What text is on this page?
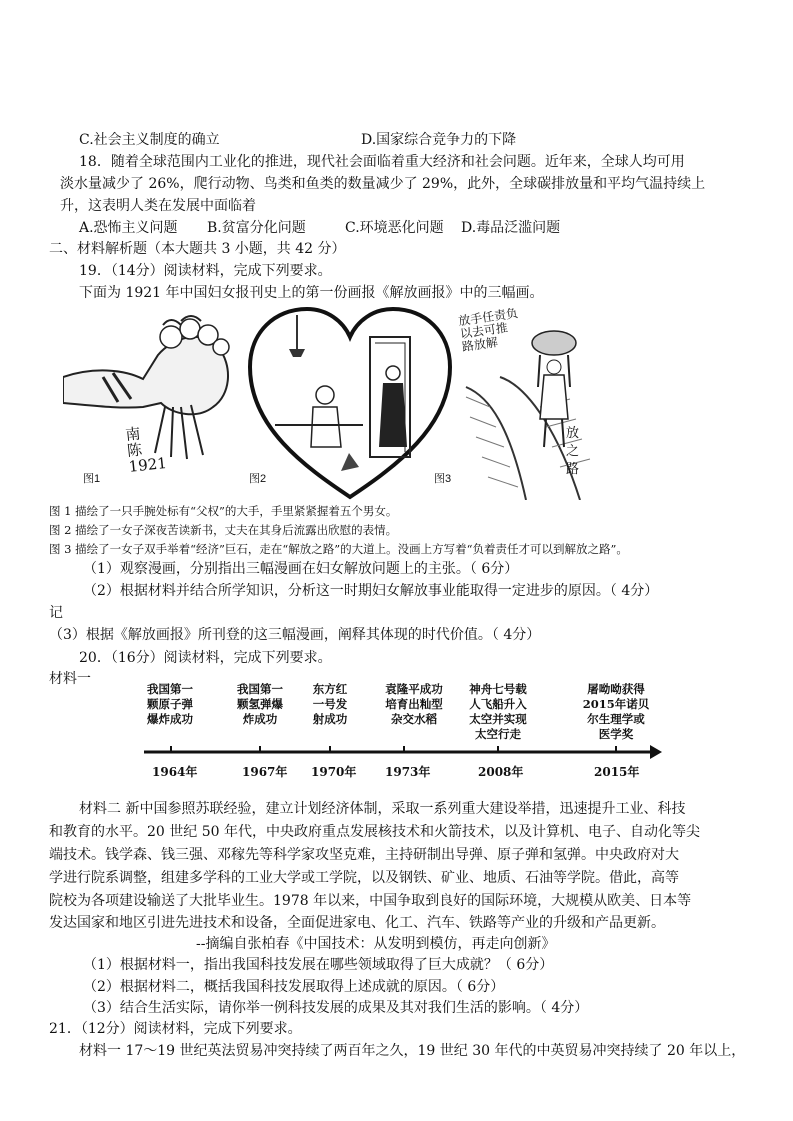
C.社会主义制度的确立	D.国家综合竞争力的下降
18．随着全球范围内工业化的推进，现代社会面临着重大经济和社会问题。近年来，全球人均可用
淡水量减少了 26%，爬行动物、鸟类和鱼类的数量减少了 29%，此外，全球碳排放量和平均气温持续上
升，这表明人类在发展中面临着
A.恐怖主义问题 B.贫富分化问题	C.环境恶化问题 D.毒品泛滥问题
二、材料解析题（本大题共 3 小题，共 42 分）
19．（14分）阅读材料，完成下列要求。
下面为 1921 年中国妇女报刊史上的第一份画报《解放画报》中的三幅画。
南
陈
1921
图1	图2
放手任责负
以去可推
路放解
放
之
路
图3
图 1 描绘了一只手腕处标有“父权”的大手，手里紧紧握着五个男女。
图 2 描绘了一女子深夜苦读新书，丈夫在其身后流露出欣慰的表情。
图 3 描绘了一女子双手举着“经济”巨石，走在“解放之路”的大道上。没画上方写着“负着责任才可以到解放之路”。
（1）观察漫画，分别指出三幅漫画在妇女解放问题上的主张。（ 6分）
（2）根据材料并结合所学知识，分析这一时期妇女解放事业能取得一定进步的原因。（ 4分）
记
（3）根据《解放画报》所刊登的这三幅漫画，阐释其体现的时代价值。（ 4分）
20．（16分）阅读材料，完成下列要求。
材料一
我国第一
颗原子弹
爆炸成功
我国第一
颗氢弹爆
炸成功
东方红
一号发
射成功
袁隆平成功
培育出籼型
杂交水稻
神舟七号载
人飞船升入
太空并实现
太空行走
屠呦呦获得
2015年诺贝
尔生理学或
医学奖
1964年	1967年 1970年 1973年	2008年	2015年
材料二 新中国参照苏联经验，建立计划经济体制，采取一系列重大建设举措，迅速提升工业、科技
和教育的水平。20 世纪 50 年代，中央政府重点发展核技术和火箭技术，以及计算机、电子、自动化等尖
端技术。钱学森、钱三强、邓稼先等科学家攻坚克难，主持研制出导弹、原子弹和氢弹。中央政府对大
学进行院系调整，组建多学科的工业大学或工学院，以及钢铁、矿业、地质、石油等学院。借此，高等
院校为各项建设输送了大批毕业生。1978 年以来，中国争取到良好的国际环境，大规模从欧美、日本等
发达国家和地区引进先进技术和设备，全面促进家电、化工、汽车、铁路等产业的升级和产品更新。
--摘编自张柏春《中国技术：从发明到模仿，再走向创新》
（1）根据材料一，指出我国科技发展在哪些领域取得了巨大成就？（ 6分）
（2）根据材料二，概括我国科技发展取得上述成就的原因。（ 6分）
（3）结合生活实际，请你举一例科技发展的成果及其对我们生活的影响。（ 4分）
21．（12分）阅读材料，完成下列要求。
材料一 17～19 世纪英法贸易冲突持续了两百年之久，19 世纪 30 年代的中英贸易冲突持续了 20 年以上，
